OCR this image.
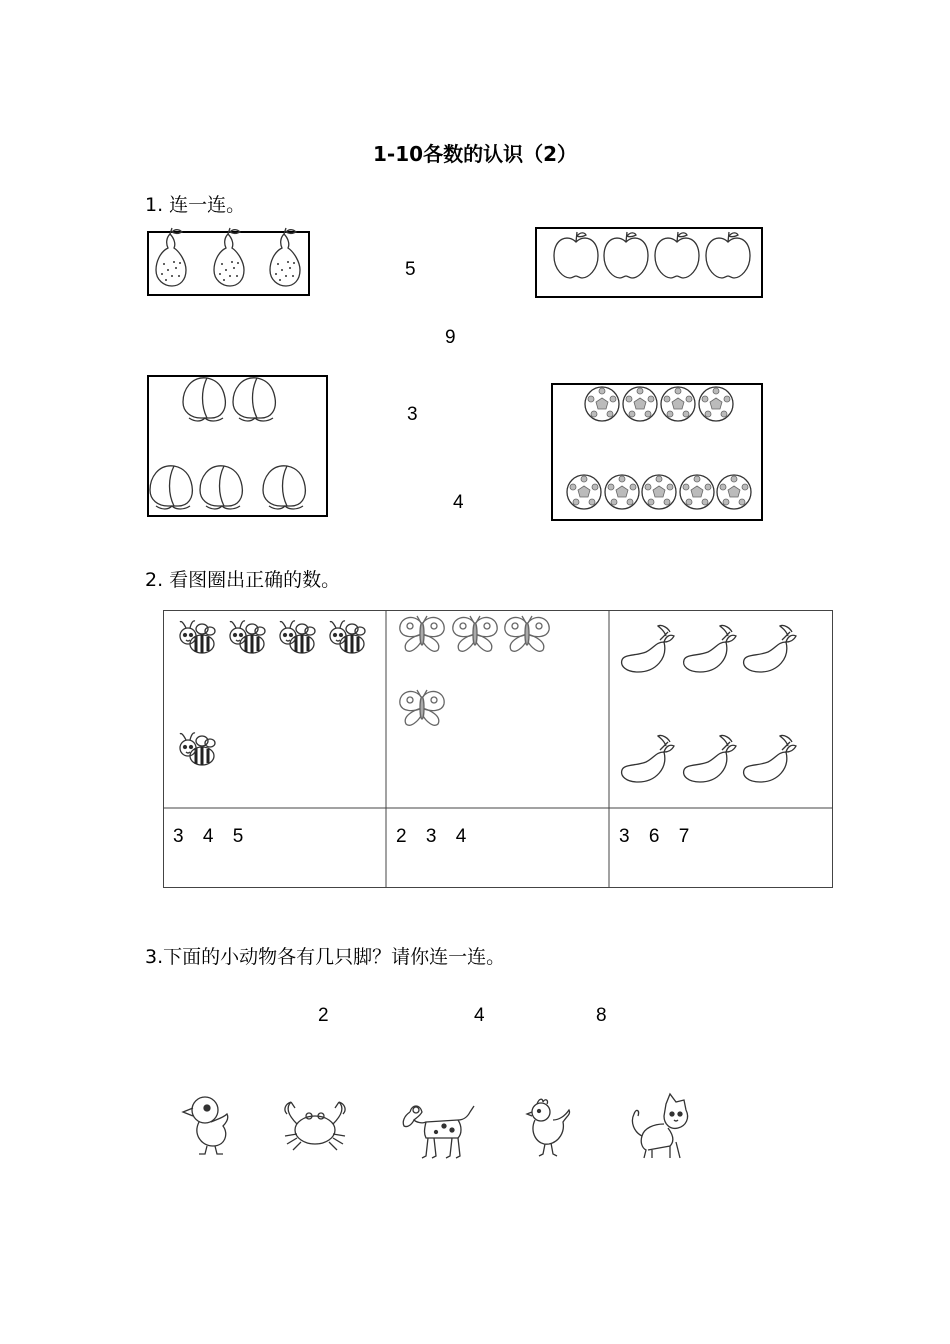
1-10各数的认识（2）
1. 连一连。
5
9
3
4
2. 看图圈出正确的数。
3 4 5	2 3 4	3 6 7
3.下面的小动物各有几只脚？请你连一连。
2	4	8
